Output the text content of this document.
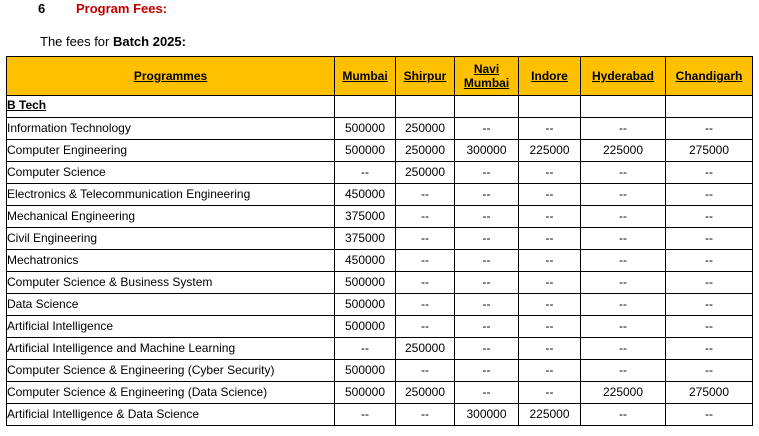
6 Program Fees:
The fees for Batch 2025:
Programmes	Mumbai	Shirpur	Navi Mumbai	Indore	Hyderabad	Chandigarh
B Tech						
Information Technology	500000	250000	--	--	--	--
Computer Engineering	500000	250000	300000	225000	225000	275000
Computer Science	--	250000	--	--	--	--
Electronics & Telecommunication Engineering	450000	--	--	--	--	--
Mechanical Engineering	375000	--	--	--	--	--
Civil Engineering	375000	--	--	--	--	--
Mechatronics	450000	--	--	--	--	--
Computer Science & Business System	500000	--	--	--	--	--
Data Science	500000	--	--	--	--	--
Artificial Intelligence	500000	--	--	--	--	--
Artificial Intelligence and Machine Learning	--	250000	--	--	--	--
Computer Science & Engineering (Cyber Security)	500000	--	--	--	--	--
Computer Science & Engineering (Data Science)	500000	250000	--	--	225000	275000
Artificial Intelligence & Data Science	--	--	300000	225000	--	--
